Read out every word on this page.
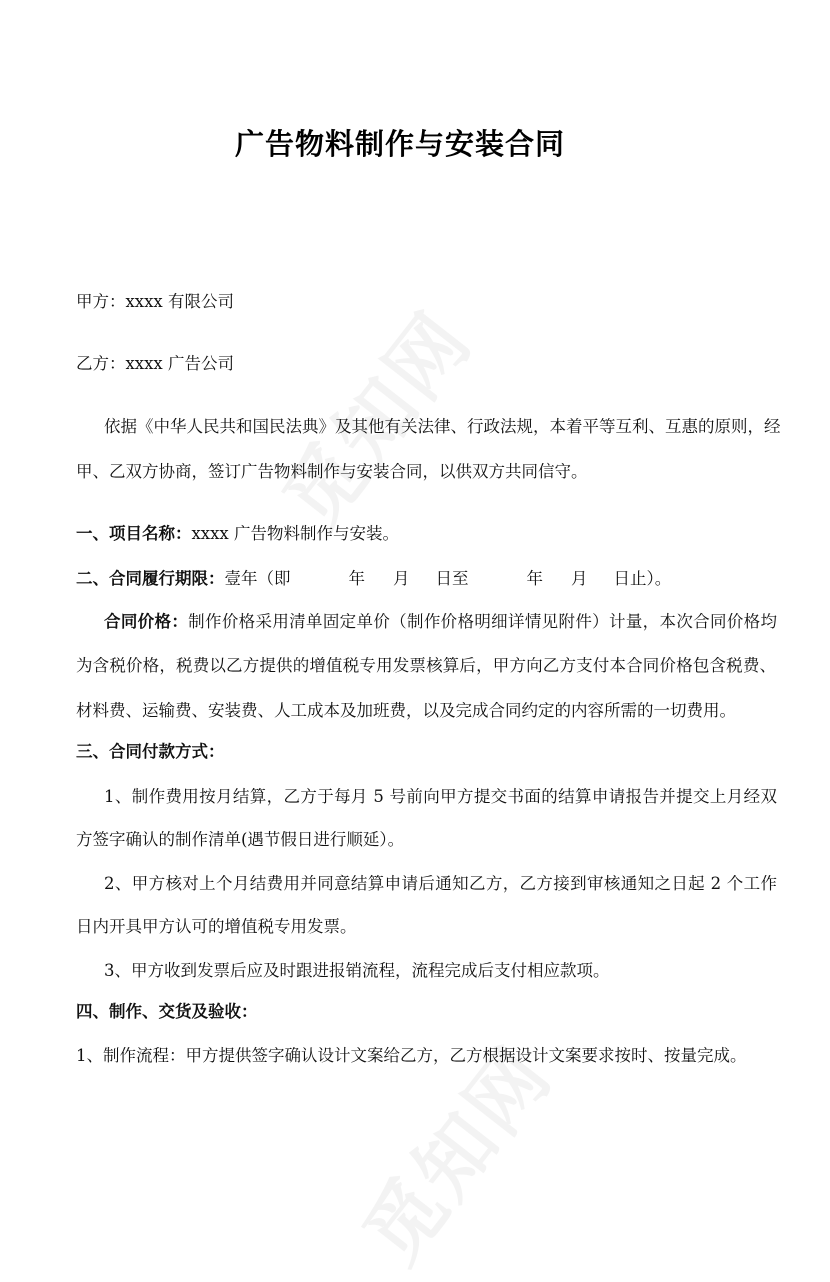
广告物料制作与安装合同
甲方：xxxx 有限公司
乙方：xxxx 广告公司
依据《中华人民共和国民法典》及其他有关法律、行政法规，本着平等互利、互惠的原则，经
甲、乙双方协商，签订广告物料制作与安装合同，以供双方共同信守。
一、项目名称：xxxx 广告物料制作与安装。
二、合同履行期限：壹年（即	年 月 日至	年 月 日止）。
合同价格：制作价格采用清单固定单价（制作价格明细详情见附件）计量，本次合同价格均
为含税价格，税费以乙方提供的增值税专用发票核算后，甲方向乙方支付本合同价格包含税费、
材料费、运输费、安装费、人工成本及加班费，以及完成合同约定的内容所需的一切费用。
三、合同付款方式：
1、制作费用按月结算，乙方于每月 5 号前向甲方提交书面的结算申请报告并提交上月经双
方签字确认的制作清单(遇节假日进行顺延）。
2、甲方核对上个月结费用并同意结算申请后通知乙方，乙方接到审核通知之日起 2 个工作
日内开具甲方认可的增值税专用发票。
3、甲方收到发票后应及时跟进报销流程，流程完成后支付相应款项。
四、制作、交货及验收：
1、制作流程：甲方提供签字确认设计文案给乙方，乙方根据设计文案要求按时、按量完成。
